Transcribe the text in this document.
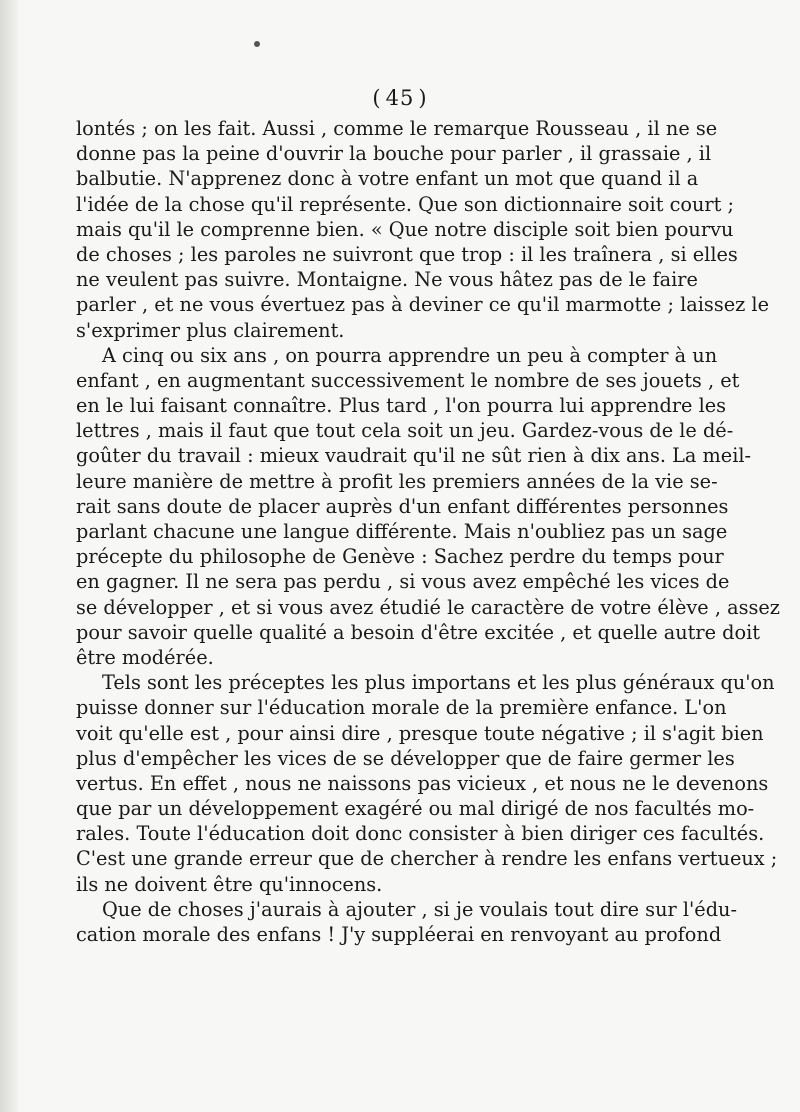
( 45 )
lontés ; on les fait. Aussi , comme le remarque Rousseau , il ne se
donne pas la peine d'ouvrir la bouche pour parler , il grassaie , il
balbutie. N'apprenez donc à votre enfant un mot que quand il a
l'idée de la chose qu'il représente. Que son dictionnaire soit court ;
mais qu'il le comprenne bien. « Que notre disciple soit bien pourvu
de choses ; les paroles ne suivront que trop : il les traînera , si elles
ne veulent pas suivre. Montaigne. Ne vous hâtez pas de le faire
parler , et ne vous évertuez pas à deviner ce qu'il marmotte ; laissez le
s'exprimer plus clairement.
A cinq ou six ans , on pourra apprendre un peu à compter à un
enfant , en augmentant successivement le nombre de ses jouets , et
en le lui faisant connaître. Plus tard , l'on pourra lui apprendre les
lettres , mais il faut que tout cela soit un jeu. Gardez-vous de le dé-
goûter du travail : mieux vaudrait qu'il ne sût rien à dix ans. La meil-
leure manière de mettre à profit les premiers années de la vie se-
rait sans doute de placer auprès d'un enfant différentes personnes
parlant chacune une langue différente. Mais n'oubliez pas un sage
précepte du philosophe de Genève : Sachez perdre du temps pour
en gagner. Il ne sera pas perdu , si vous avez empêché les vices de
se développer , et si vous avez étudié le caractère de votre élève , assez
pour savoir quelle qualité a besoin d'être excitée , et quelle autre doit
être modérée.
Tels sont les préceptes les plus importans et les plus généraux qu'on
puisse donner sur l'éducation morale de la première enfance. L'on
voit qu'elle est , pour ainsi dire , presque toute négative ; il s'agit bien
plus d'empêcher les vices de se développer que de faire germer les
vertus. En effet , nous ne naissons pas vicieux , et nous ne le devenons
que par un développement exagéré ou mal dirigé de nos facultés mo-
rales. Toute l'éducation doit donc consister à bien diriger ces facultés.
C'est une grande erreur que de chercher à rendre les enfans vertueux ;
ils ne doivent être qu'innocens.
Que de choses j'aurais à ajouter , si je voulais tout dire sur l'édu-
cation morale des enfans ! J'y suppléerai en renvoyant au profond
